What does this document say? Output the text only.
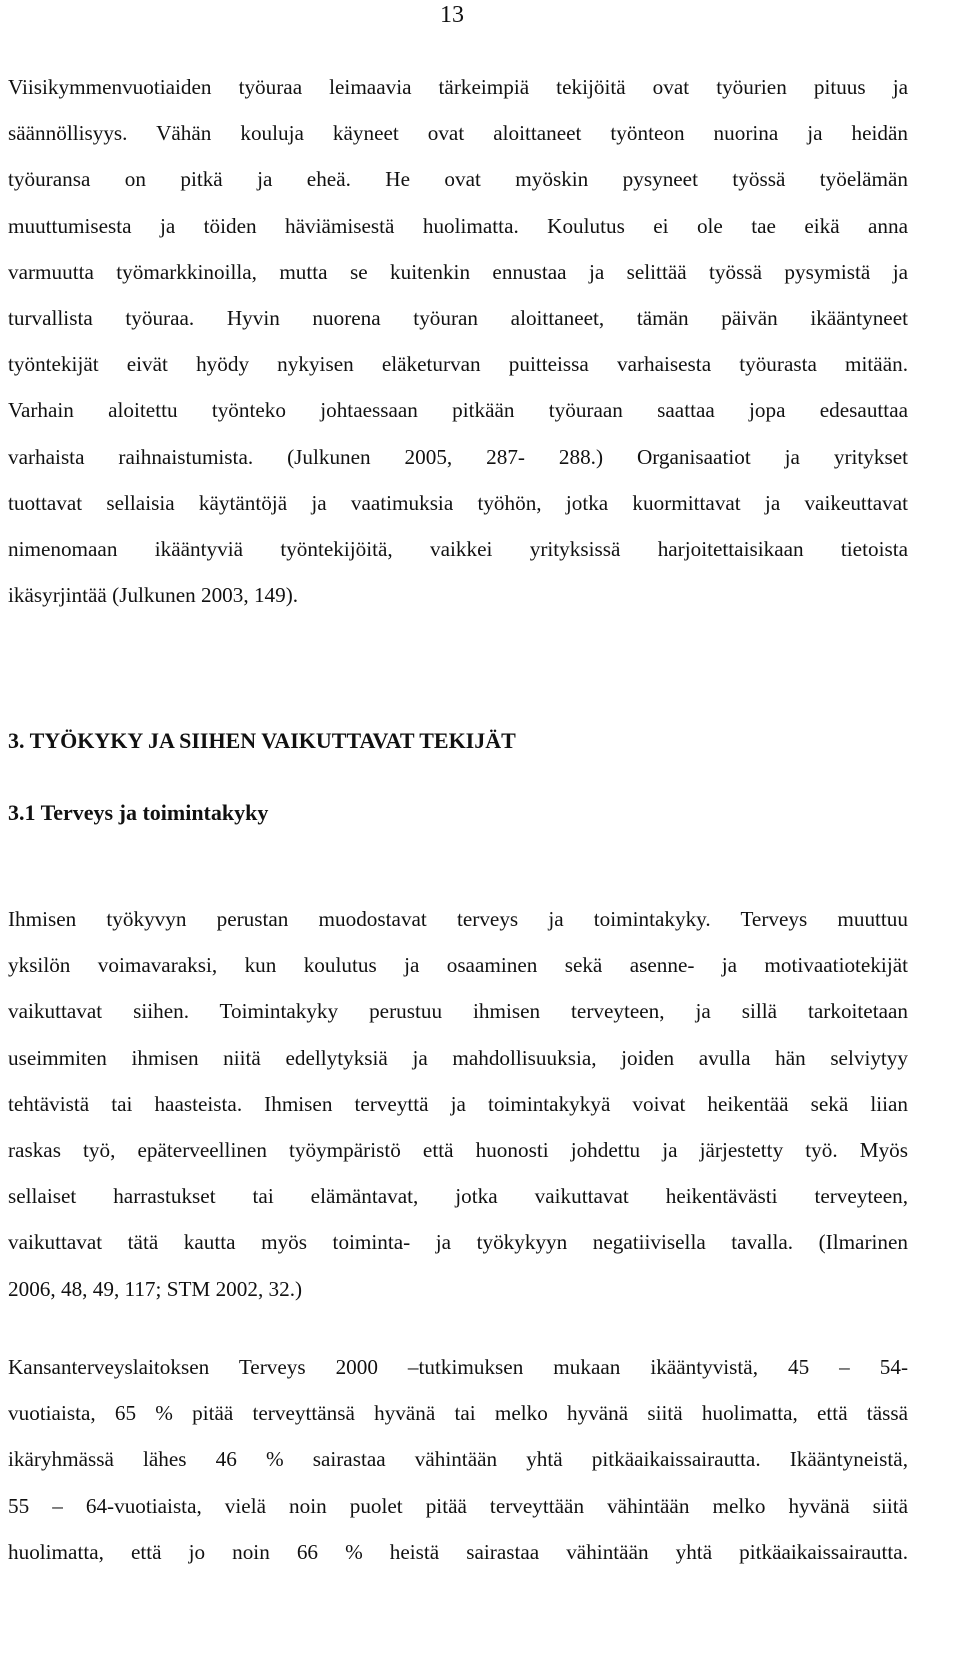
13
Viisikymmenvuotiaiden työuraa leimaavia tärkeimpiä tekijöitä ovat työurien pituus ja
säännöllisyys. Vähän kouluja käyneet ovat aloittaneet työnteon nuorina ja heidän
työuransa on pitkä ja eheä. He ovat myöskin pysyneet työssä työelämän
muuttumisesta ja töiden häviämisestä huolimatta. Koulutus ei ole tae eikä anna
varmuutta työmarkkinoilla, mutta se kuitenkin ennustaa ja selittää työssä pysymistä ja
turvallista työuraa. Hyvin nuorena työuran aloittaneet, tämän päivän ikääntyneet
työntekijät eivät hyödy nykyisen eläketurvan puitteissa varhaisesta työurasta mitään.
Varhain aloitettu työnteko johtaessaan pitkään työuraan saattaa jopa edesauttaa
varhaista raihnaistumista. (Julkunen 2005, 287- 288.) Organisaatiot ja yritykset
tuottavat sellaisia käytäntöjä ja vaatimuksia työhön, jotka kuormittavat ja vaikeuttavat
nimenomaan ikääntyviä työntekijöitä, vaikkei yrityksissä harjoitettaisikaan tietoista
ikäsyrjintää (Julkunen 2003, 149).
3. TYÖKYKY JA SIIHEN VAIKUTTAVAT TEKIJÄT
3.1 Terveys ja toimintakyky
Ihmisen työkyvyn perustan muodostavat terveys ja toimintakyky. Terveys muuttuu
yksilön voimavaraksi, kun koulutus ja osaaminen sekä asenne- ja motivaatiotekijät
vaikuttavat siihen. Toimintakyky perustuu ihmisen terveyteen, ja sillä tarkoitetaan
useimmiten ihmisen niitä edellytyksiä ja mahdollisuuksia, joiden avulla hän selviytyy
tehtävistä tai haasteista. Ihmisen terveyttä ja toimintakykyä voivat heikentää sekä liian
raskas työ, epäterveellinen työympäristö että huonosti johdettu ja järjestetty työ. Myös
sellaiset harrastukset tai elämäntavat, jotka vaikuttavat heikentävästi terveyteen,
vaikuttavat tätä kautta myös toiminta- ja työkykyyn negatiivisella tavalla. (Ilmarinen
2006, 48, 49, 117; STM 2002, 32.)
Kansanterveyslaitoksen Terveys 2000 –tutkimuksen mukaan ikääntyvistä, 45 – 54-
vuotiaista, 65 % pitää terveyttänsä hyvänä tai melko hyvänä siitä huolimatta, että tässä
ikäryhmässä lähes 46 % sairastaa vähintään yhtä pitkäaikaissairautta. Ikääntyneistä,
55 – 64-vuotiaista, vielä noin puolet pitää terveyttään vähintään melko hyvänä siitä
huolimatta, että jo noin 66 % heistä sairastaa vähintään yhtä pitkäaikaissairautta.
